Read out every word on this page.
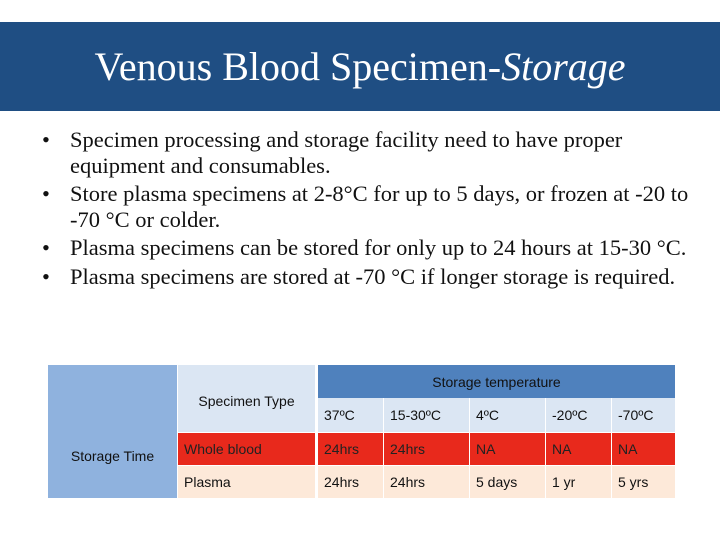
Venous Blood Specimen-Storage
• Specimen processing and storage facility need to have proper equipment and consumables.
• Store plasma specimens at 2-8°C for up to 5 days, or frozen at -20 to -70 °C or colder.
• Plasma specimens can be stored for only up to 24 hours at 15-30 °C.
• Plasma specimens are stored at -70 °C if longer storage is required.
Storage Time	Specimen Type	Storage temperature				
		37ºC	15-30ºC	4ºC	-20ºC	-70ºC
	Whole blood	24hrs	24hrs	NA	NA	NA
	Plasma	24hrs	24hrs	5 days	1 yr	5 yrs
